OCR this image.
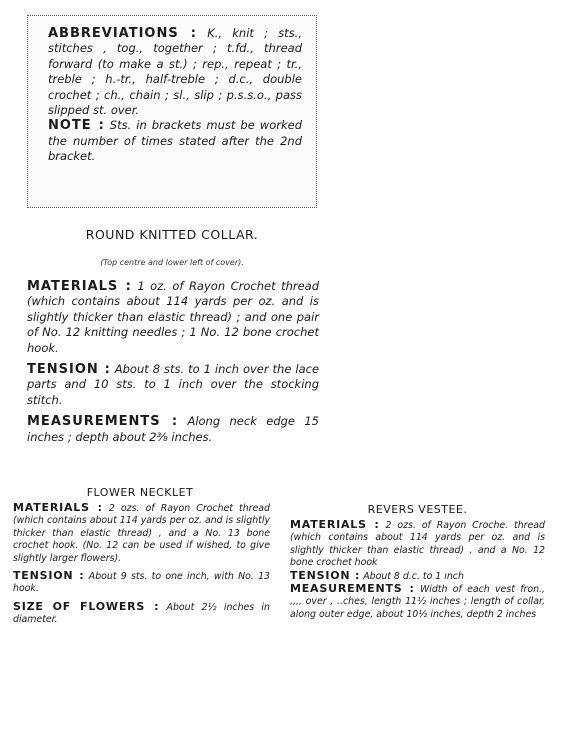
ABBREVIATIONS : K., knit ; sts., stitches , tog., together ; t.fd., thread forward (to make a st.) ; rep., repeat ; tr., treble ; h.-tr., half-treble ; d.c., double crochet ; ch., chain ; sl., slip ; p.s.s.o., pass slipped st. over.
NOTE : Sts. in brackets must be worked the number of times stated after the 2nd bracket.
ROUND KNITTED COLLAR.
(Top centre and lower left of cover).
MATERIALS : 1 oz. of Rayon Crochet thread (which contains about 114 yards per oz. and is slightly thicker than elastic thread) ; and one pair of No. 12 knitting needles ; 1 No. 12 bone crochet hook.
TENSION : About 8 sts. to 1 inch over the lace parts and 10 sts. to 1 inch over the stocking stitch.
MEASUREMENTS : Along neck edge 15 inches ; depth about 2⅜ inches.
FLOWER NECKLET
MATERIALS : 2 ozs. of Rayon Crochet thread (which contains about 114 yards per oz. and is slightly thicker than elastic thread) , and a No. 13 bone crochet hook. (No. 12 can be used if wished, to give slightly larger flowers).
TENSION : About 9 sts. to one inch, with No. 13 hook.
SIZE OF FLOWERS : About 2½ inches in diameter.
REVERS VESTEE.
MATERIALS : 2 ozs. of Rayon Croche. thread (which contains about 114 yards per oz. and is slightly thicker than elastic thread) , and a No. 12 bone crochet hook
TENSION : About 8 d.c. to 1 ınch
MEASUREMENTS : Width of each vest fron., ,,,, over , ..ches, length 11½ inches ; length of collar, along outer edge, about 10½ inches, depth 2 inches
